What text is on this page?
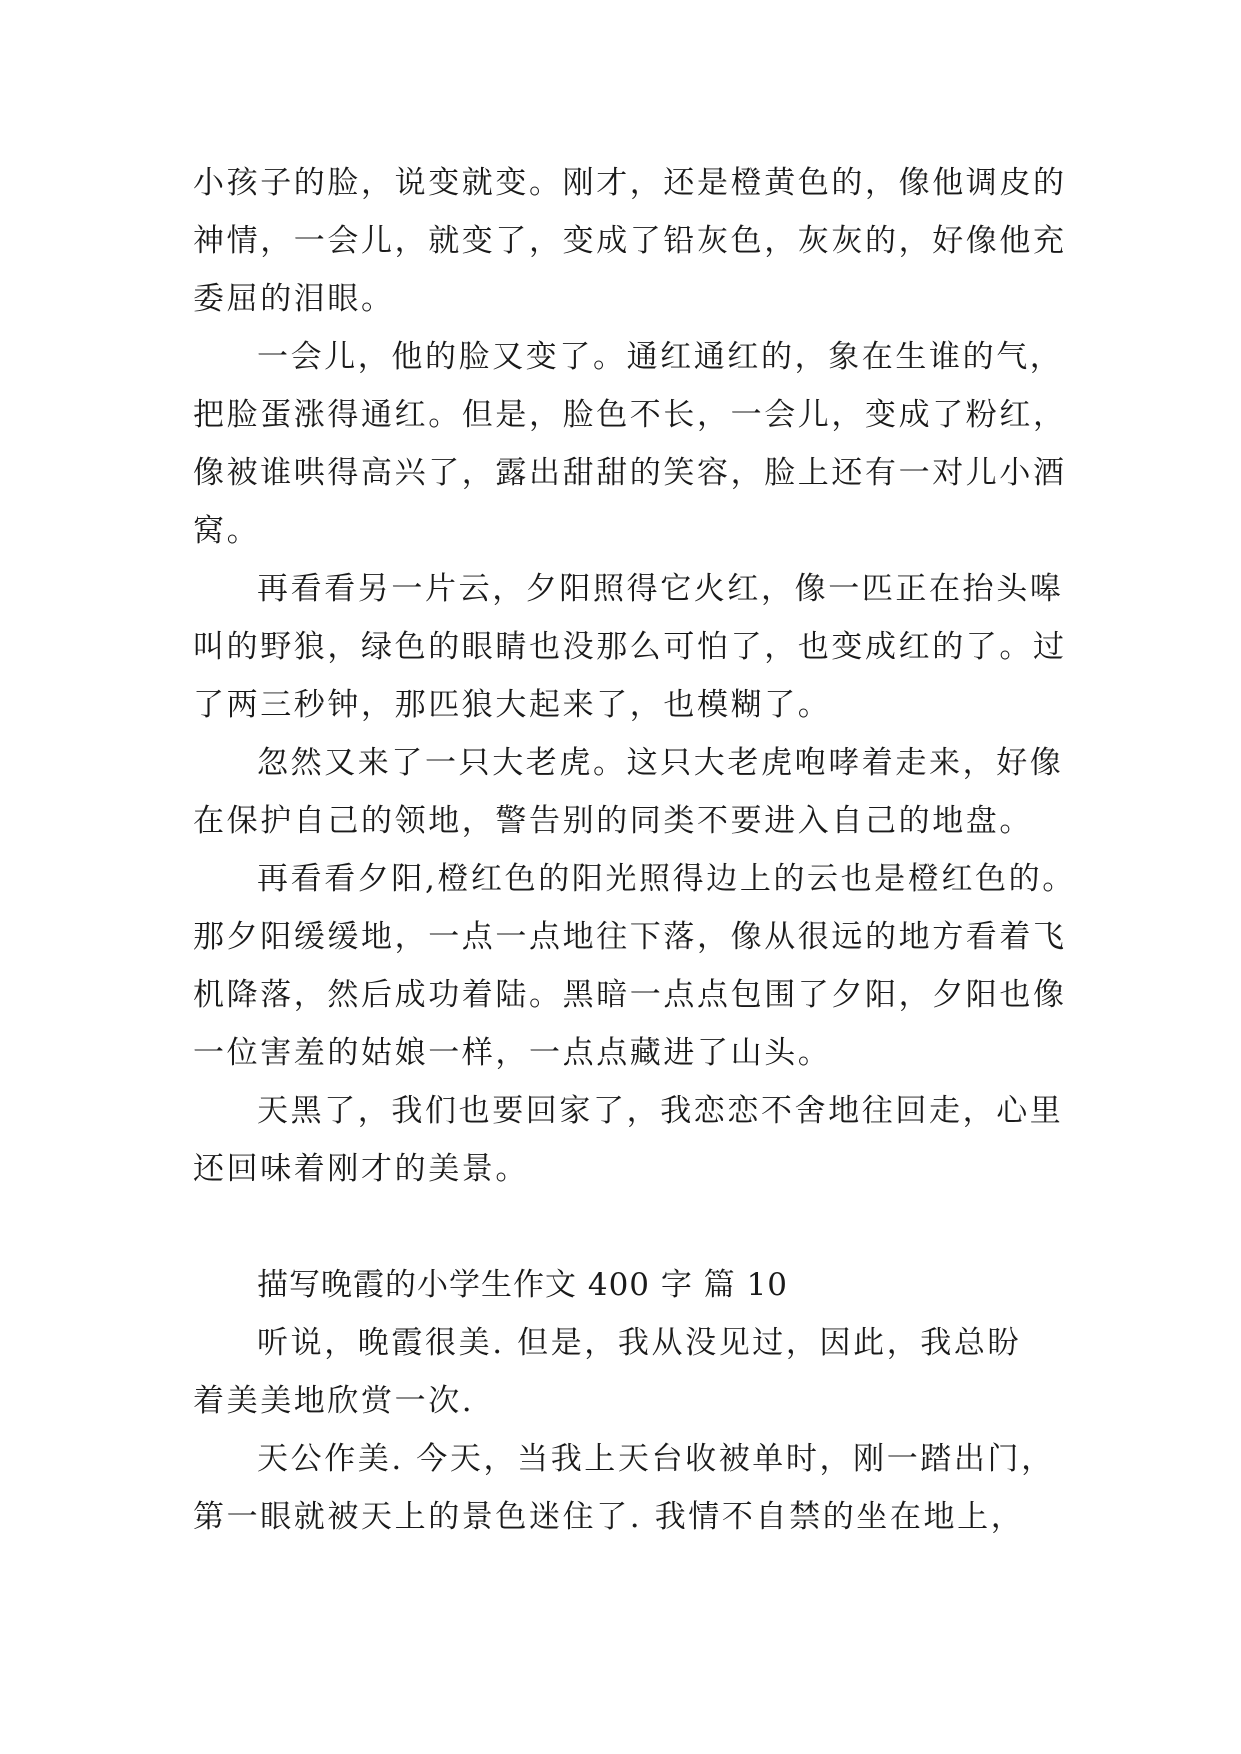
小孩子的脸，说变就变。刚才，还是橙黄色的，像他调皮的
神情，一会儿，就变了，变成了铅灰色，灰灰的，好像他充
委屈的泪眼。
一会儿，他的脸又变了。通红通红的，象在生谁的气，
把脸蛋涨得通红。但是，脸色不长，一会儿，变成了粉红，
像被谁哄得高兴了，露出甜甜的笑容，脸上还有一对儿小酒
窝。
再看看另一片云，夕阳照得它火红，像一匹正在抬头嗥
叫的野狼，绿色的眼睛也没那么可怕了，也变成红的了。过
了两三秒钟，那匹狼大起来了，也模糊了。
忽然又来了一只大老虎。这只大老虎咆哮着走来，好像
在保护自己的领地，警告别的同类不要进入自己的地盘。
再看看夕阳,橙红色的阳光照得边上的云也是橙红色的。
那夕阳缓缓地，一点一点地往下落，像从很远的地方看着飞
机降落，然后成功着陆。黑暗一点点包围了夕阳，夕阳也像
一位害羞的姑娘一样，一点点藏进了山头。
天黑了，我们也要回家了，我恋恋不舍地往回走，心里
还回味着刚才的美景。
描写晚霞的小学生作文 400 字 篇 10
听说，晚霞很美. 但是，我从没见过，因此，我总盼
着美美地欣赏一次.
天公作美. 今天，当我上天台收被单时，刚一踏出门，
第一眼就被天上的景色迷住了. 我情不自禁的坐在地上，
